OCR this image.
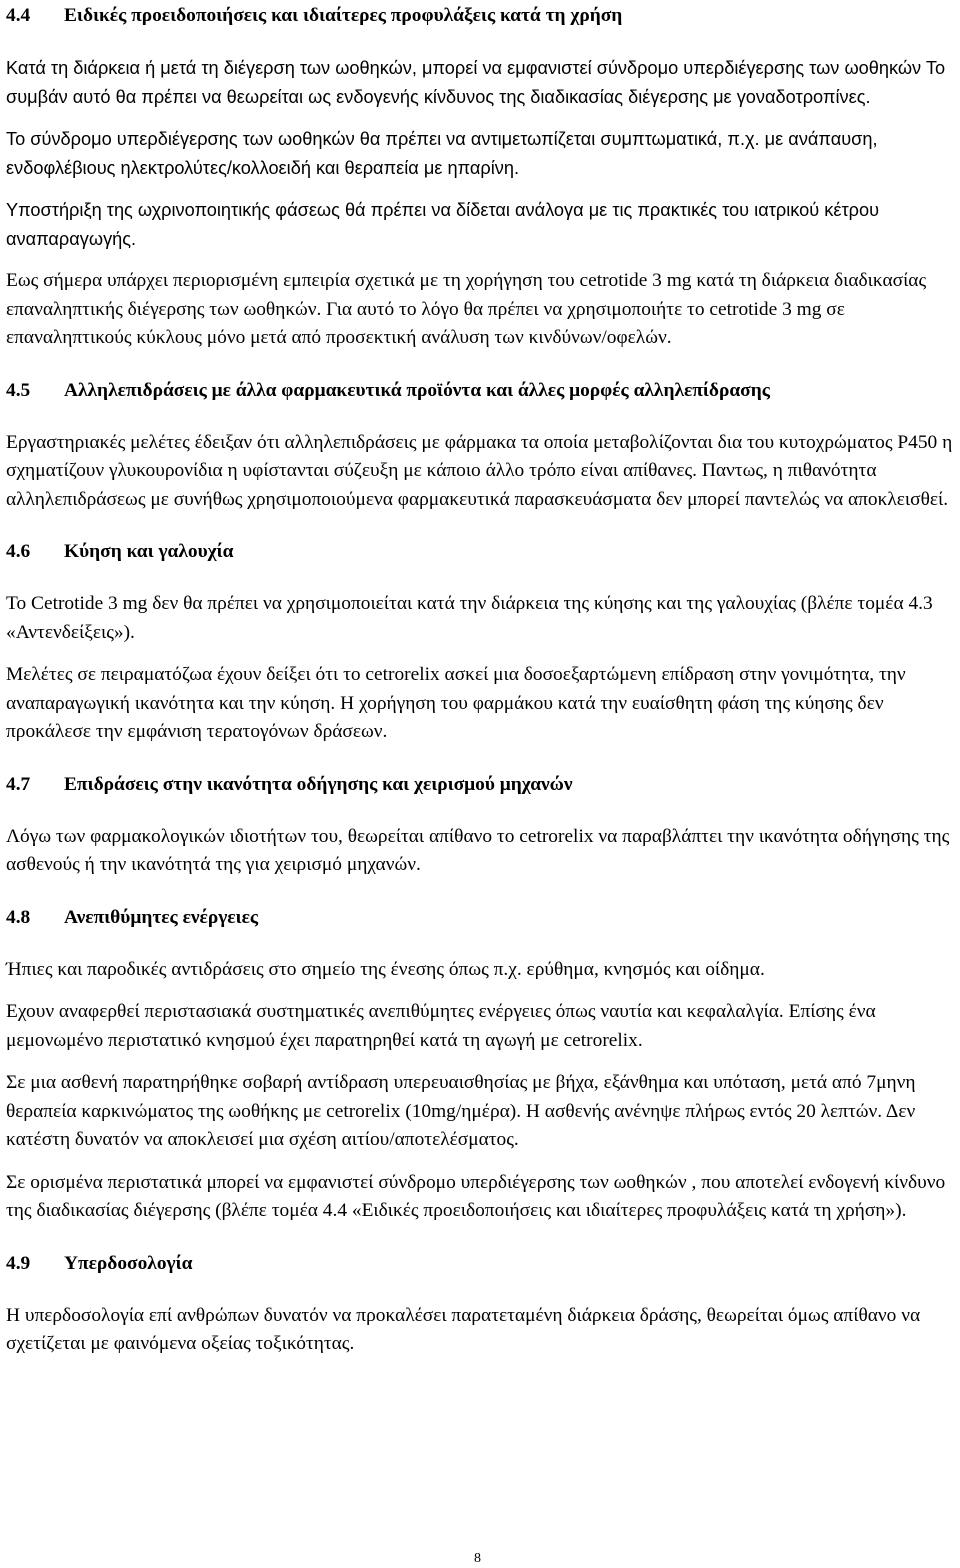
4.4 Ειδικές προειδοποιήσεις και ιδιαίτερες προφυλάξεις κατά τη χρήση

Κατά τη διάρκεια ή μετά τη διέγερση των ωοθηκών, μπορεί να εμφανιστεί σύνδρομο υπερδιέγερσης των ωοθηκών Το συμβάν αυτό θα πρέπει να θεωρείται ως ενδογενής κίνδυνος της διαδικασίας διέγερσης με γοναδοτροπίνες.

Το σύνδρομο υπερδιέγερσης των ωοθηκών θα πρέπει να αντιμετωπίζεται συμπτωματικά, π.χ. με ανάπαυση, ενδοφλέβιους ηλεκτρολύτες/κολλοειδή και θεραπεία με ηπαρίνη.

Υποστήριξη της ωχρινοποιητικής φάσεως θά πρέπει να δίδεται ανάλογα με τις πρακτικές του ιατρικού κέτρου αναπαραγωγής.

Εως σήμερα υπάρχει περιορισμένη εμπειρία σχετικά με τη χορήγηση του cetrotide 3 mg κατά τη διάρκεια διαδικασίας επαναληπτικής διέγερσης των ωοθηκών. Για αυτό το λόγο θα πρέπει να χρησιμοποιήτε το cetrotide 3 mg σε επαναληπτικούς κύκλους μόνο μετά από προσεκτική ανάλυση των κινδύνων/οφελών.

4.5 Αλληλεπιδράσεις με άλλα φαρμακευτικά προϊόντα και άλλες μορφές αλληλεπίδρασης

Εργαστηριακές μελέτες έδειξαν ότι αλληλεπιδράσεις με φάρμακα τα οποία μεταβολίζονται δια του κυτοχρώματος P450 η σχηματίζουν γλυκουρονίδια η υφίστανται σύζευξη με κάποιο άλλο τρόπο είναι απίθανες. Παντως, η πιθανότητα αλληλεπιδράσεως με συνήθως χρησιμοποιούμενα φαρμακευτικά παρασκευάσματα δεν μπορεί παντελώς να αποκλεισθεί.

4.6 Κύηση και γαλουχία

To Cetrotide 3 mg δεν θα πρέπει να χρησιμοποιείται κατά την διάρκεια της κύησης και της γαλουχίας (βλέπε τομέα 4.3 «Αντενδείξεις»).

Μελέτες σε πειραματόζωα έχουν δείξει ότι το cetrorelix ασκεί μια δοσοεξαρτώμενη επίδραση στην γονιμότητα, την αναπαραγωγική ικανότητα και την κύηση. Η χορήγηση του φαρμάκου κατά την ευαίσθητη φάση της κύησης δεν προκάλεσε την εμφάνιση τερατογόνων δράσεων.

4.7 Επιδράσεις στην ικανότητα οδήγησης και χειρισμού μηχανών

Λόγω των φαρμακολογικών ιδιοτήτων του, θεωρείται απίθανο το cetrorelix να παραβλάπτει την ικανότητα οδήγησης της ασθενούς ή την ικανότητά της για χειρισμό μηχανών.

4.8 Ανεπιθύμητες ενέργειες

Ήπιες και παροδικές αντιδράσεις στο σημείο της ένεσης όπως π.χ. ερύθημα, κνησμός και οίδημα.

Εχουν αναφερθεί περιστασιακά συστηματικές ανεπιθύμητες ενέργειες όπως ναυτία και κεφαλαλγία. Επίσης ένα μεμονωμένο περιστατικό κνησμού έχει παρατηρηθεί κατά τη αγωγή με cetrorelix.

Σε μια ασθενή παρατηρήθηκε σοβαρή αντίδραση υπερευαισθησίας με βήχα, εξάνθημα και υπόταση, μετά από 7μηνη θεραπεία καρκινώματος της ωοθήκης με cetrorelix (10mg/ημέρα). Η ασθενής ανένηψε πλήρως εντός 20 λεπτών. Δεν κατέστη δυνατόν να αποκλεισεί μια σχέση αιτίου/αποτελέσματος.

Σε ορισμένα περιστατικά μπορεί να εμφανιστεί σύνδρομο υπερδιέγερσης των ωοθηκών , που αποτελεί ενδογενή κίνδυνο της διαδικασίας διέγερσης (βλέπε τομέα 4.4 «Ειδικές προειδοποιήσεις και ιδιαίτερες προφυλάξεις κατά τη χρήση»).

4.9 Υπερδοσολογία

Η υπερδοσολογία επί ανθρώπων δυνατόν να προκαλέσει παρατεταμένη διάρκεια δράσης, θεωρείται όμως απίθανο να σχετίζεται με φαινόμενα οξείας τοξικότητας.

8
